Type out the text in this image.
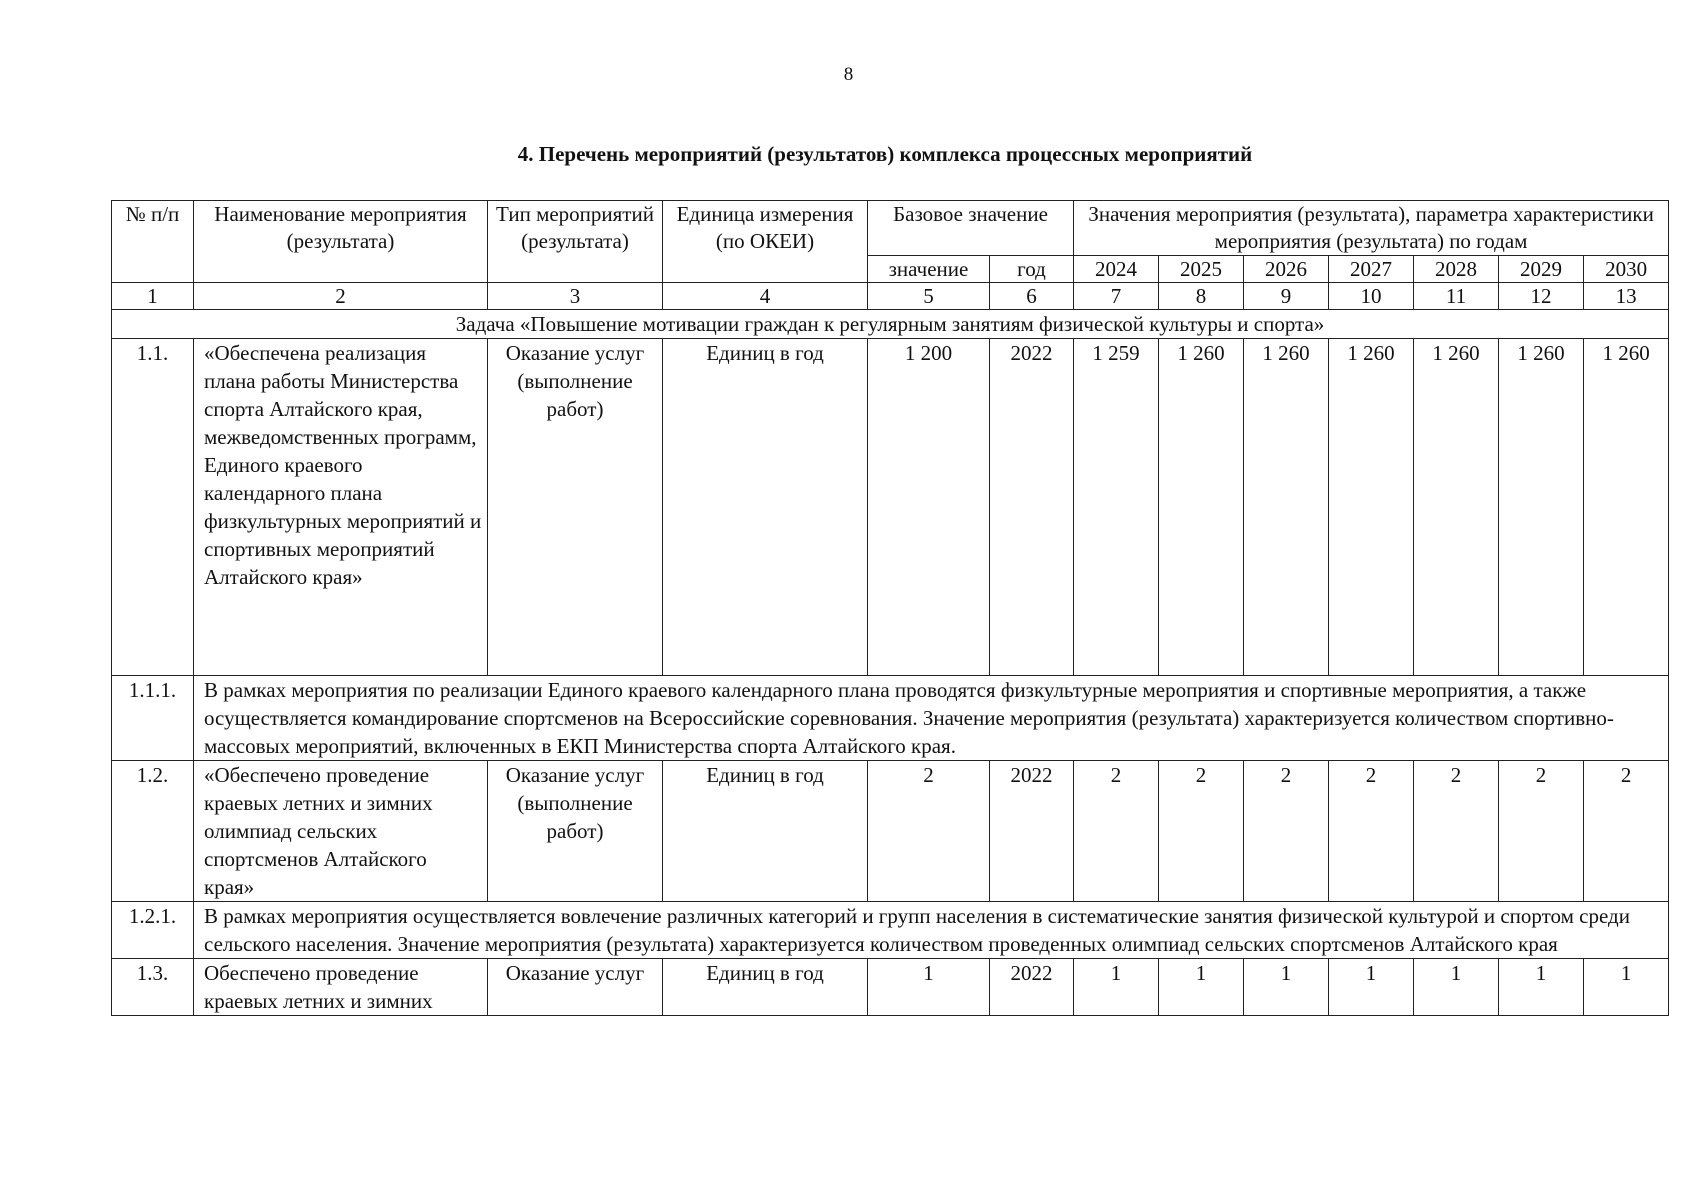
8
4. Перечень мероприятий (результатов) комплекса процессных мероприятий
№ п/п	Наименование мероприятия (результата)	Тип мероприятий (результата)	Единица измерения (по ОКЕИ)	Базовое значение		Значения мероприятия (результата), параметра характеристики мероприятия (результата) по годам						
				значение	год	2024	2025	2026	2027	2028	2029	2030
1	2	3	4	5	6	7	8	9	10	11	12	13
Задача «Повышение мотивации граждан к регулярным занятиям физической культуры и спорта»												
1.1.	«Обеспечена реализация плана работы Министерства спорта Алтайского края, межведомственных программ, Единого краевого календарного плана физкультурных мероприятий и спортивных мероприятий Алтайского края»	Оказание услуг (выполнение работ)	Единиц в год	1 200	2022	1 259	1 260	1 260	1 260	1 260	1 260	1 260
1.1.1.	В рамках мероприятия по реализации Единого краевого календарного плана проводятся физкультурные мероприятия и спортивные мероприятия, а также осуществляется командирование спортсменов на Всероссийские соревнования. Значение мероприятия (результата) характеризуется количеством спортивно-массовых мероприятий, включенных в ЕКП Министерства спорта Алтайского края.											
1.2.	«Обеспечено проведение краевых летних и зимних олимпиад сельских спортсменов Алтайского края»	Оказание услуг (выполнение работ)	Единиц в год	2	2022	2	2	2	2	2	2	2
1.2.1.	В рамках мероприятия осуществляется вовлечение различных категорий и групп населения в систематические занятия физической культурой и спортом среди сельского населения. Значение мероприятия (результата) характеризуется количеством проведенных олимпиад сельских спортсменов Алтайского края											
1.3.	Обеспечено проведение краевых летних и зимних	Оказание услуг	Единиц в год	1	2022	1	1	1	1	1	1	1
